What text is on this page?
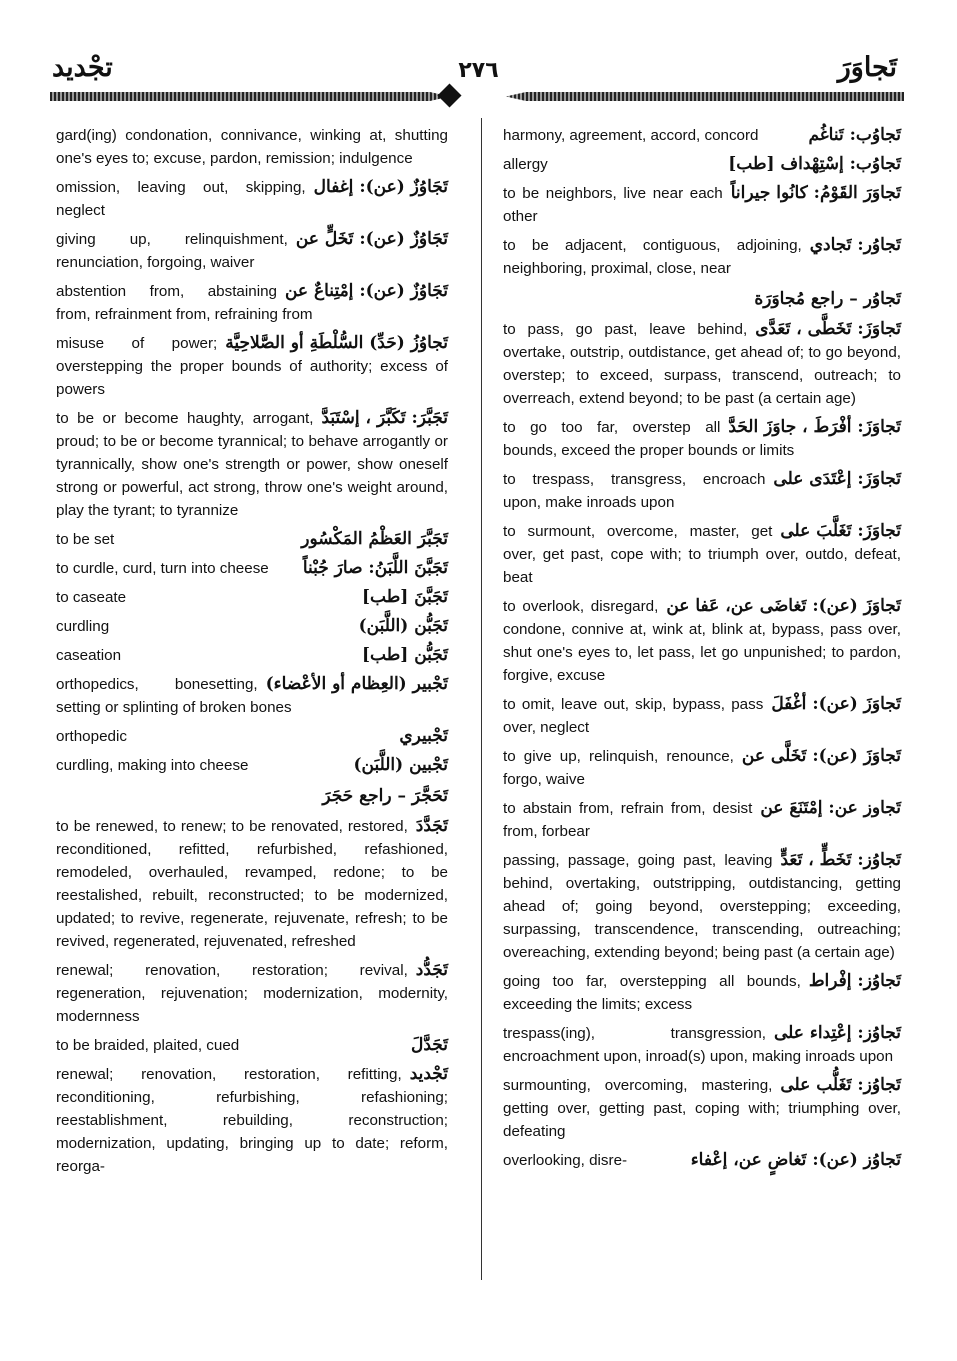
تجْديد	٢٧٦	تَجاوَرَ
gard(ing) condonation, connivance, winking at, shutting one's eyes to; excuse, pardon, remission; indulgence
تَجَاوُزٌ (عن): إغفال
omission, leaving out, skipping, neglect
تَجَاوُزٌ (عن): تَخَلٍّ عن
giving up, relinquishment, renunciation, forgoing, waiver
تَجَاوُزٌ (عن): إمْتِناعٌ عن
abstention from, abstaining from, refrainment from, refraining from
تَجاوُزُ (حَدِّ) السُّلْطَةِ أو الصَّلاحِيَّة
misuse of power; overstepping the proper bounds of authority; excess of powers
تَجَبَّرَ: تَكَبَّرَ ، إسْتَبَدَّ
to be or become haughty, arrogant, proud; to be or become tyrannical; to behave arrogantly or tyrannically, show one's strength or power, show oneself strong or powerful, act strong, throw one's weight around, play the tyrant; to tyrannize
تَجَبَّرَ العَظْمُ المَكْسُور
to be set
تَجَبَّنَ اللَّبَنُ: صارَ جُبْناً
to curdle, curd, turn into cheese
تَجَبَّنَ [طب]
to caseate
تَجَبُّن (اللَّبَن)
curdling
تَجَبُّن [طب]
caseation
تَجْبير (العِظام أو الأعْضاء)
orthopedics, bonesetting, setting or splinting of broken bones
تَجْبيري
orthopedic
تَجْبين (اللَّبَن)
curdling, making into cheese
تَحَجَّرَ – راجع حَجَرَ
تَجَدَّدَ
to be renewed, to renew; to be renovated, restored, reconditioned, refitted, refurbished, refashioned, remodeled, overhauled, revamped, redone; to be reestalished, rebuilt, reconstructed; to be modernized, updated; to revive, regenerate, rejuvenate, refresh; to be revived, regenerated, rejuvenated, refreshed
تَجَدُّد
renewal; renovation, restoration; revival, regeneration, rejuvenation; modernization, modernity, modernness
تَجَدَّلَ
to be braided, plaited, cued
تَجْديد
renewal; renovation, restoration, refitting, reconditioning, refurbishing, refashioning; reestablishment, rebuilding, reconstruction; modernization, updating, bringing up to date; reform, reorga-
تَجاوُب: تَناغُم
harmony, agreement, accord, concord
تَجاوُب: إسْتِهْداف [طب]
allergy
تَجاوَرَ القَوْمُ: كانُوا جيراناً
to be neighbors, live near each other
تَجاوُر: تَجادي
to be adjacent, contiguous, adjoining, neighboring, proximal, close, near
تَجاوُر – راجع مُجاوَرَة
تَجاوَزَ: تَخَطَّى ، تَعَدَّى
to pass, go past, leave behind, overtake, outstrip, outdistance, get ahead of; to go beyond, overstep; to exceed, surpass, transcend, outreach; to overreach, extend beyond; to be past (a certain age)
تَجاوَزَ: أفْرَطَ ، جاوَزَ الحَدَّ
to go too far, overstep all bounds, exceed the proper bounds or limits
تَجاوَزَ: إعْتَدَى على
to trespass, transgress, encroach upon, make inroads upon
تَجاوَزَ: تَغَلَّبَ على
to surmount, overcome, master, get over, get past, cope with; to triumph over, outdo, defeat, beat
تَجاوَزَ (عن): تَغاضَى عن، عَفا عن
to overlook, disregard, condone, connive at, wink at, blink at, bypass, pass over, shut one's eyes to, let pass, let go unpunished; to pardon, forgive, excuse
تَجاوَزَ (عن): أغْفَلَ
to omit, leave out, skip, bypass, pass over, neglect
تَجاوَزَ (عن): تَخَلَّى عن
to give up, relinquish, renounce, forgo, waive
تَجاوز عن: إمْتَنَعَ عن
to abstain from, refrain from, desist from, forbear
تَجاوُز: تَخَطٍّ ، تَعَدٍّ
passing, passage, going past, leaving behind, overtaking, outstripping, outdistancing, getting ahead of; going beyond, overstepping; exceeding, surpassing, transcendence, transcending, outreaching; overeaching, extending beyond; being past (a certain age)
تَجاوُز: إفْراط
going too far, overstepping all bounds, exceeding the limits; excess
تَجاوُز: إعْتِداء على
trespass(ing), transgression, encroachment upon, inroad(s) upon, making inroads upon
تَجاوُز: تَغَلُّب على
surmounting, overcoming, mastering, getting over, getting past, coping with; triumphing over, defeating
تَجاوُز (عن): تَغاضٍ عن، إعْفاء
overlooking, disre-
